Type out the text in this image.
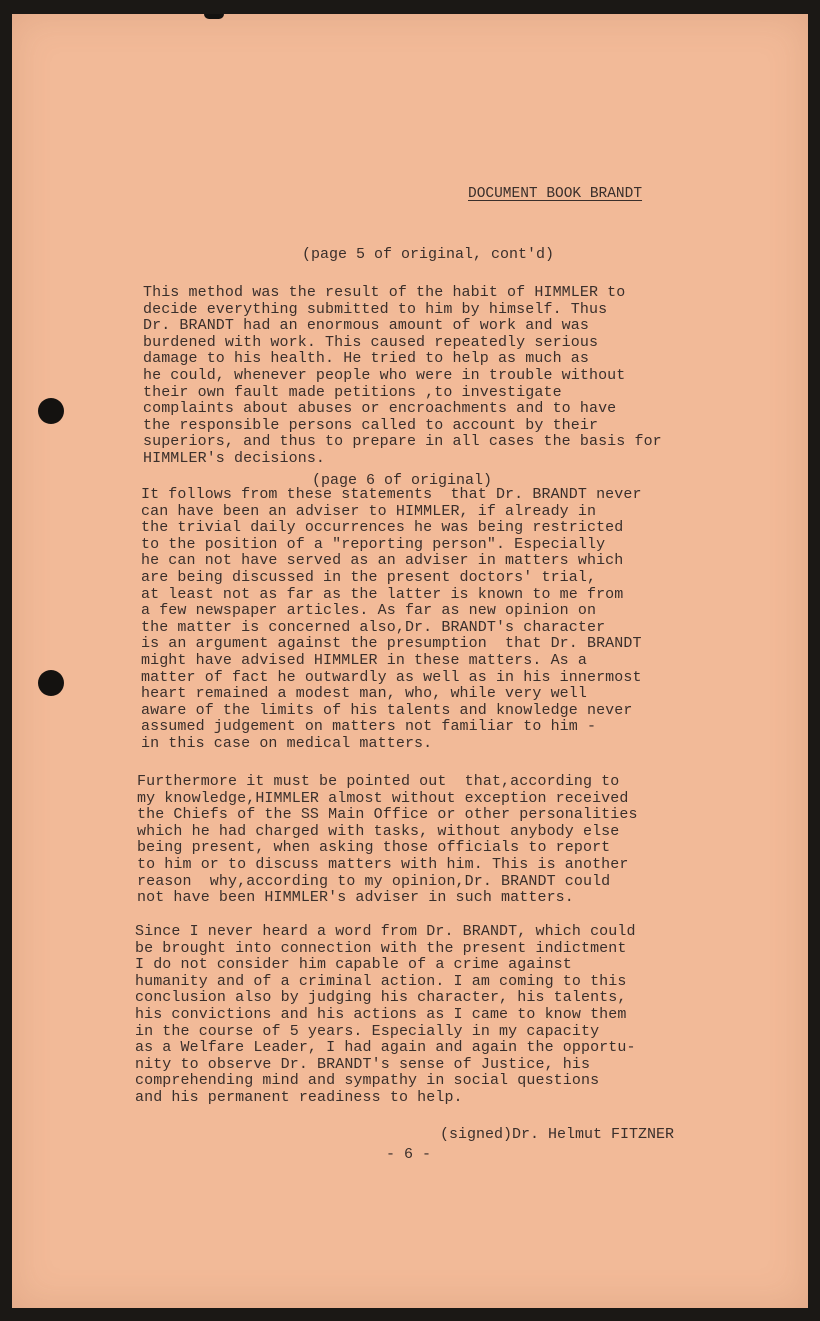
DOCUMENT BOOK BRANDT
(page 5 of original, cont'd)
This method was the result of the habit of HIMMLER to
decide everything submitted to him by himself. Thus
Dr. BRANDT had an enormous amount of work and was
burdened with work. This caused repeatedly serious
damage to his health. He tried to help as much as
he could, whenever people who were in trouble without
their own fault made petitions ,to investigate
complaints about abuses or encroachments and to have
the responsible persons called to account by their
superiors, and thus to prepare in all cases the basis for
HIMMLER's decisions.
(page 6 of original)
It follows from these statements  that Dr. BRANDT never
can have been an adviser to HIMMLER, if already in
the trivial daily occurrences he was being restricted
to the position of a "reporting person". Especially
he can not have served as an adviser in matters which
are being discussed in the present doctors' trial,
at least not as far as the latter is known to me from
a few newspaper articles. As far as new opinion on
the matter is concerned also,Dr. BRANDT's character
is an argument against the presumption  that Dr. BRANDT
might have advised HIMMLER in these matters. As a
matter of fact he outwardly as well as in his innermost
heart remained a modest man, who, while very well
aware of the limits of his talents and knowledge never
assumed judgement on matters not familiar to him -
in this case on medical matters.
Furthermore it must be pointed out  that,according to
my knowledge,HIMMLER almost without exception received
the Chiefs of the SS Main Office or other personalities
which he had charged with tasks, without anybody else
being present, when asking those officials to report
to him or to discuss matters with him. This is another
reason  why,according to my opinion,Dr. BRANDT could
not have been HIMMLER's adviser in such matters.
Since I never heard a word from Dr. BRANDT, which could
be brought into connection with the present indictment
I do not consider him capable of a crime against
humanity and of a criminal action. I am coming to this
conclusion also by judging his character, his talents,
his convictions and his actions as I came to know them
in the course of 5 years. Especially in my capacity
as a Welfare Leader, I had again and again the opportu-
nity to observe Dr. BRANDT's sense of Justice, his
comprehending mind and sympathy in social questions
and his permanent readiness to help.
(signed)Dr. Helmut FITZNER
- 6 -
